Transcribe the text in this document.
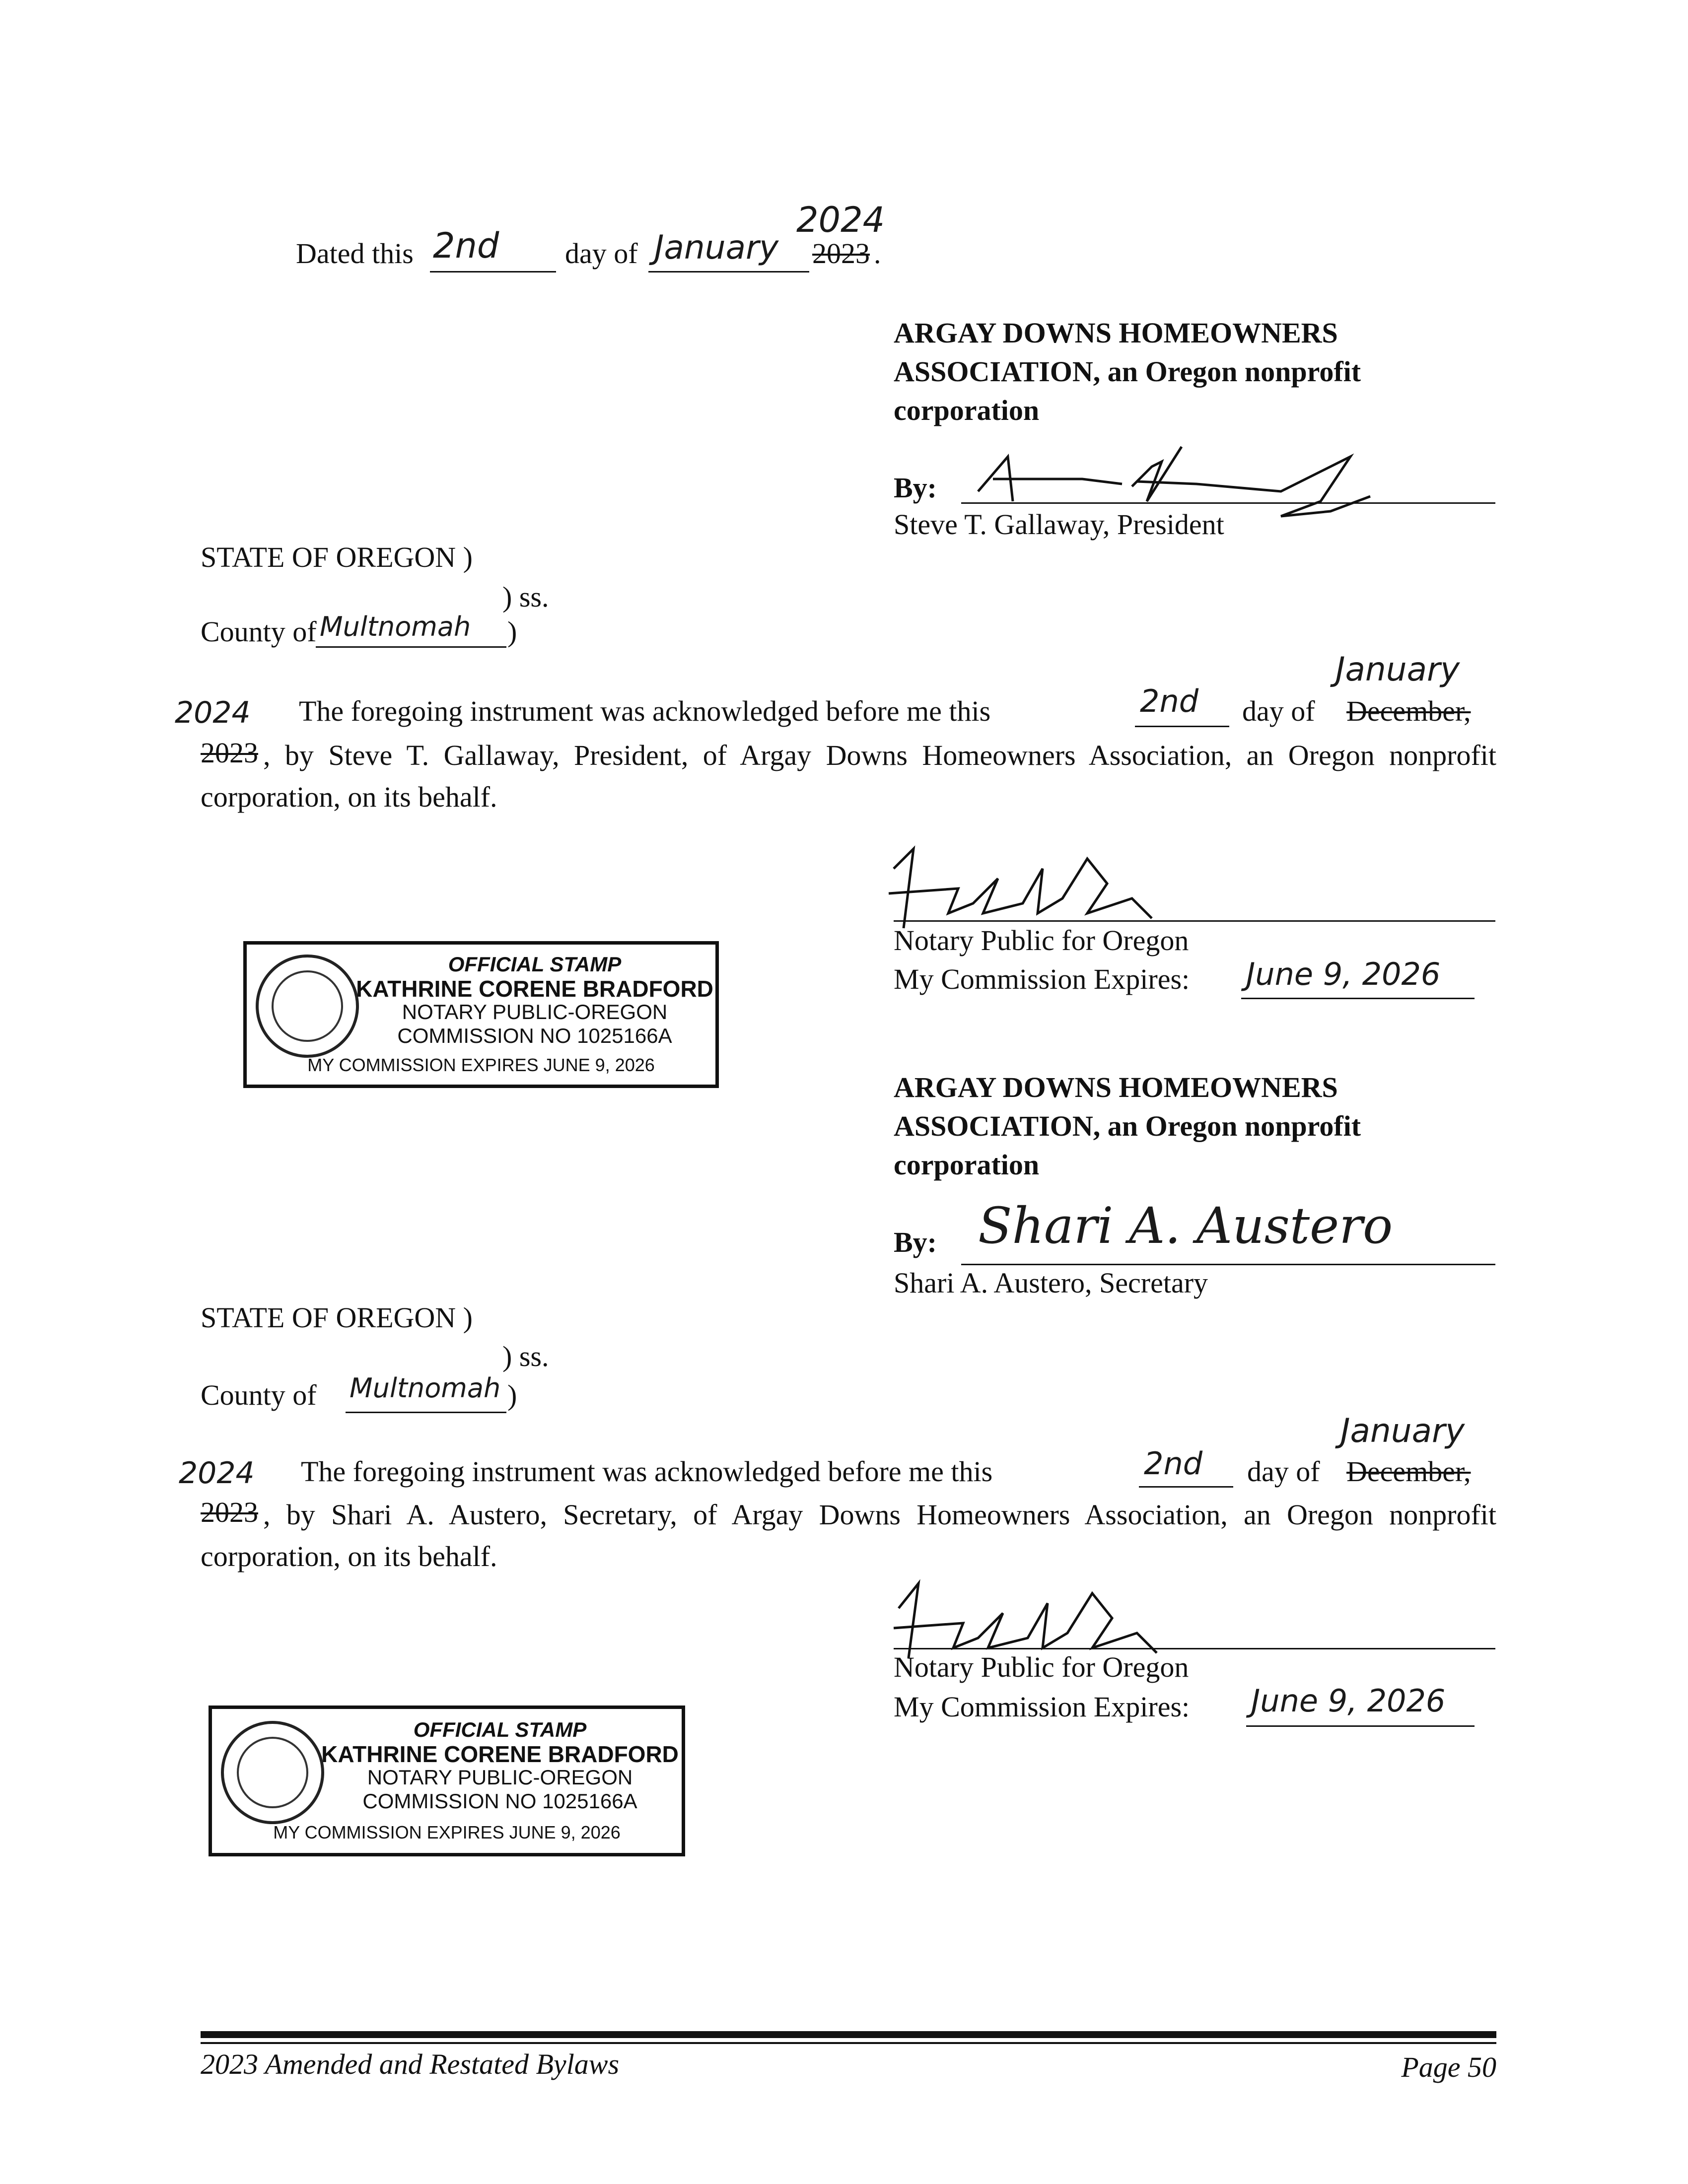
Dated this 2nd day of January 2023 .
2024
ARGAY DOWNS HOMEOWNERS
ASSOCIATION, an Oregon nonprofit
corporation
By:
Steve T. Gallaway, President
STATE OF OREGON )
) ss.
County of Multnomah )
2024 The foregoing instrument was acknowledged before me this	2nd day of December,
January
2023 , by Steve T. Gallaway, President, of Argay Downs Homeowners Association, an Oregon nonprofit corporation, on its behalf.
Notary Public for Oregon
My Commission Expires: June 9, 2026
OFFICIAL STAMP
KATHRINE CORENE BRADFORD
NOTARY PUBLIC-OREGON
COMMISSION NO 1025166A
MY COMMISSION EXPIRES JUNE 9, 2026
ARGAY DOWNS HOMEOWNERS
ASSOCIATION, an Oregon nonprofit
corporation
By: Shari A. Austero
Shari A. Austero, Secretary
STATE OF OREGON )
) ss.
County of Multnomah )
2024 The foregoing instrument was acknowledged before me this	2nd day of December,
January
2023 , by Shari A. Austero, Secretary, of Argay Downs Homeowners Association, an Oregon nonprofit corporation, on its behalf.
Notary Public for Oregon
My Commission Expires: June 9, 2026
OFFICIAL STAMP
KATHRINE CORENE BRADFORD
NOTARY PUBLIC-OREGON
COMMISSION NO 1025166A
MY COMMISSION EXPIRES JUNE 9, 2026
2023 Amended and Restated Bylaws	Page 50
